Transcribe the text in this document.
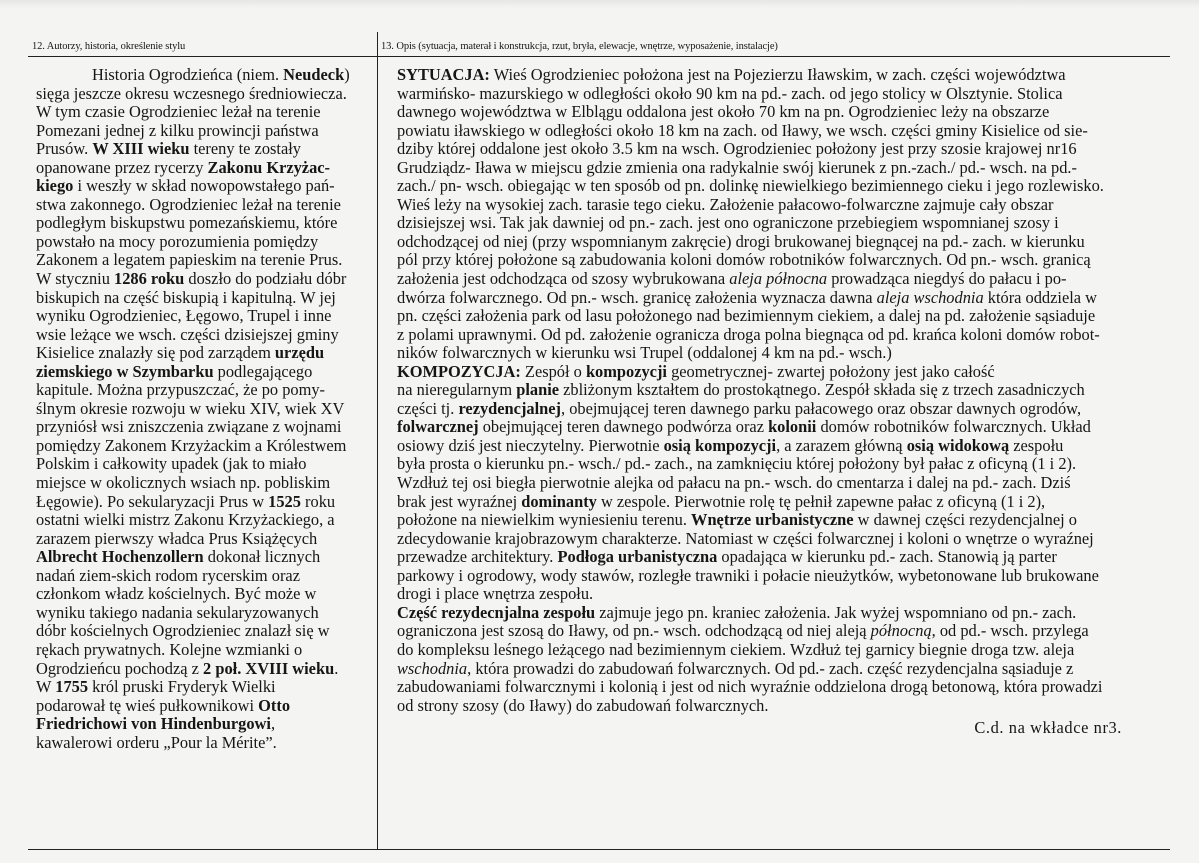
12. Autorzy, historia, określenie stylu	13. Opis (sytuacja, materał i konstrukcja, rzut, bryła, elewacje, wnętrze, wyposażenie, instalacje)
Historia Ogrodzieńca (niem. Neudeck)
sięga jeszcze okresu wczesnego średniowiecza.
W tym czasie Ogrodzieniec leżał na terenie
Pomezani jednej z kilku prowincji państwa
Prusów. W XIII wieku tereny te zostały
opanowane przez rycerzy Zakonu Krzyżac-
kiego i weszły w skład nowopowstałego pań-
stwa zakonnego. Ogrodzieniec leżał na terenie
podległym biskupstwu pomezańskiemu, które
powstało na mocy porozumienia pomiędzy
Zakonem a legatem papieskim na terenie Prus.
W styczniu 1286 roku doszło do podziału dóbr
biskupich na część biskupią i kapitulną. W jej
wyniku Ogrodzieniec, Łęgowo, Trupel i inne
wsie leżące we wsch. części dzisiejszej gminy
Kisielice znalazły się pod zarządem urzędu
ziemskiego w Szymbarku podlegającego
kapitule. Można przypuszczać, że po pomy-
ślnym okresie rozwoju w wieku XIV, wiek XV
przyniósł wsi zniszczenia związane z wojnami
pomiędzy Zakonem Krzyżackim a Królestwem
Polskim i całkowity upadek (jak to miało
miejsce w okolicznych wsiach np. pobliskim
Łęgowie). Po sekularyzacji Prus w 1525 roku
ostatni wielki mistrz Zakonu Krzyżackiego, a
zarazem pierwszy władca Prus Książęcych
Albrecht Hochenzollern dokonał licznych
nadań ziem-skich rodom rycerskim oraz
członkom władz kościelnych. Być może w
wyniku takiego nadania sekularyzowanych
dóbr kościelnych Ogrodzieniec znalazł się w
rękach prywatnych. Kolejne wzmianki o
Ogrodzieńcu pochodzą z 2 poł. XVIII wieku.
W 1755 król pruski Fryderyk Wielki
podarował tę wieś pułkownikowi Otto
Friedrichowi von Hindenburgowi,
kawalerowi orderu „Pour la Mérite”.
SYTUACJA: Wieś Ogrodzieniec położona jest na Pojezierzu Iławskim, w zach. części województwa
warmińsko- mazurskiego w odległości około 90 km na pd.- zach. od jego stolicy w Olsztynie. Stolica
dawnego województwa w Elblągu oddalona jest około 70 km na pn. Ogrodzieniec leży na obszarze
powiatu iławskiego w odległości około 18 km na zach. od Iławy, we wsch. części gminy Kisielice od sie-
dziby której oddalone jest około 3.5 km na wsch. Ogrodzieniec położony jest przy szosie krajowej nr16
Grudziądz- Iława w miejscu gdzie zmienia ona radykalnie swój kierunek z pn.-zach./ pd.- wsch. na pd.-
zach./ pn- wsch. obiegając w ten sposób od pn. dolinkę niewielkiego bezimiennego cieku i jego rozlewisko.
Wieś leży na wysokiej zach. tarasie tego cieku. Założenie pałacowo-folwarczne zajmuje cały obszar
dzisiejszej wsi. Tak jak dawniej od pn.- zach. jest ono ograniczone przebiegiem wspomnianej szosy i
odchodzącej od niej (przy wspomnianym zakręcie) drogi brukowanej biegnącej na pd.- zach. w kierunku
pól przy której położone są zabudowania koloni domów robotników folwarcznych. Od pn.- wsch. granicą
założenia jest odchodząca od szosy wybrukowana aleja północna prowadząca niegdyś do pałacu i po-
dwórza folwarcznego. Od pn.- wsch. granicę założenia wyznacza dawna aleja wschodnia która oddziela w
pn. części założenia park od lasu położonego nad bezimiennym ciekiem, a dalej na pd. założenie sąsiaduje
z polami uprawnymi. Od pd. założenie ogranicza droga polna biegnąca od pd. krańca koloni domów robot-
ników folwarcznych w kierunku wsi Trupel (oddalonej 4 km na pd.- wsch.)
KOMPOZYCJA: Zespół o kompozycji geometrycznej- zwartej położony jest jako całość
na nieregularnym planie zbliżonym kształtem do prostokątnego. Zespół składa się z trzech zasadniczych
części tj. rezydencjalnej, obejmującej teren dawnego parku pałacowego oraz obszar dawnych ogrodów,
folwarcznej obejmującej teren dawnego podwórza oraz kolonii domów robotników folwarcznych. Układ
osiowy dziś jest nieczytelny. Pierwotnie osią kompozycji, a zarazem główną osią widokową zespołu
była prosta o kierunku pn.- wsch./ pd.- zach., na zamknięciu której położony był pałac z oficyną (1 i 2).
Wzdłuż tej osi biegła pierwotnie alejka od pałacu na pn.- wsch. do cmentarza i dalej na pd.- zach. Dziś
brak jest wyraźnej dominanty w zespole. Pierwotnie rolę tę pełnił zapewne pałac z oficyną (1 i 2),
położone na niewielkim wyniesieniu terenu. Wnętrze urbanistyczne w dawnej części rezydencjalnej o
zdecydowanie krajobrazowym charakterze. Natomiast w części folwarcznej i koloni o wnętrze o wyraźnej
przewadze architektury. Podłoga urbanistyczna opadająca w kierunku pd.- zach. Stanowią ją parter
parkowy i ogrodowy, wody stawów, rozległe trawniki i połacie nieużytków, wybetonowane lub brukowane
drogi i place wnętrza zespołu.
Część rezydecnjalna zespołu zajmuje jego pn. kraniec założenia. Jak wyżej wspomniano od pn.- zach.
ograniczona jest szosą do Iławy, od pn.- wsch. odchodzącą od niej aleją północną, od pd.- wsch. przylega
do kompleksu leśnego leżącego nad bezimiennym ciekiem. Wzdłuż tej garnicy biegnie droga tzw. aleja
wschodnia, która prowadzi do zabudowań folwarcznych. Od pd.- zach. część rezydencjalna sąsiaduje z
zabudowaniami folwarcznymi i kolonią i jest od nich wyraźnie oddzielona drogą betonową, która prowadzi
od strony szosy (do Iławy) do zabudowań folwarcznych.
C.d. na wkładce nr3.
